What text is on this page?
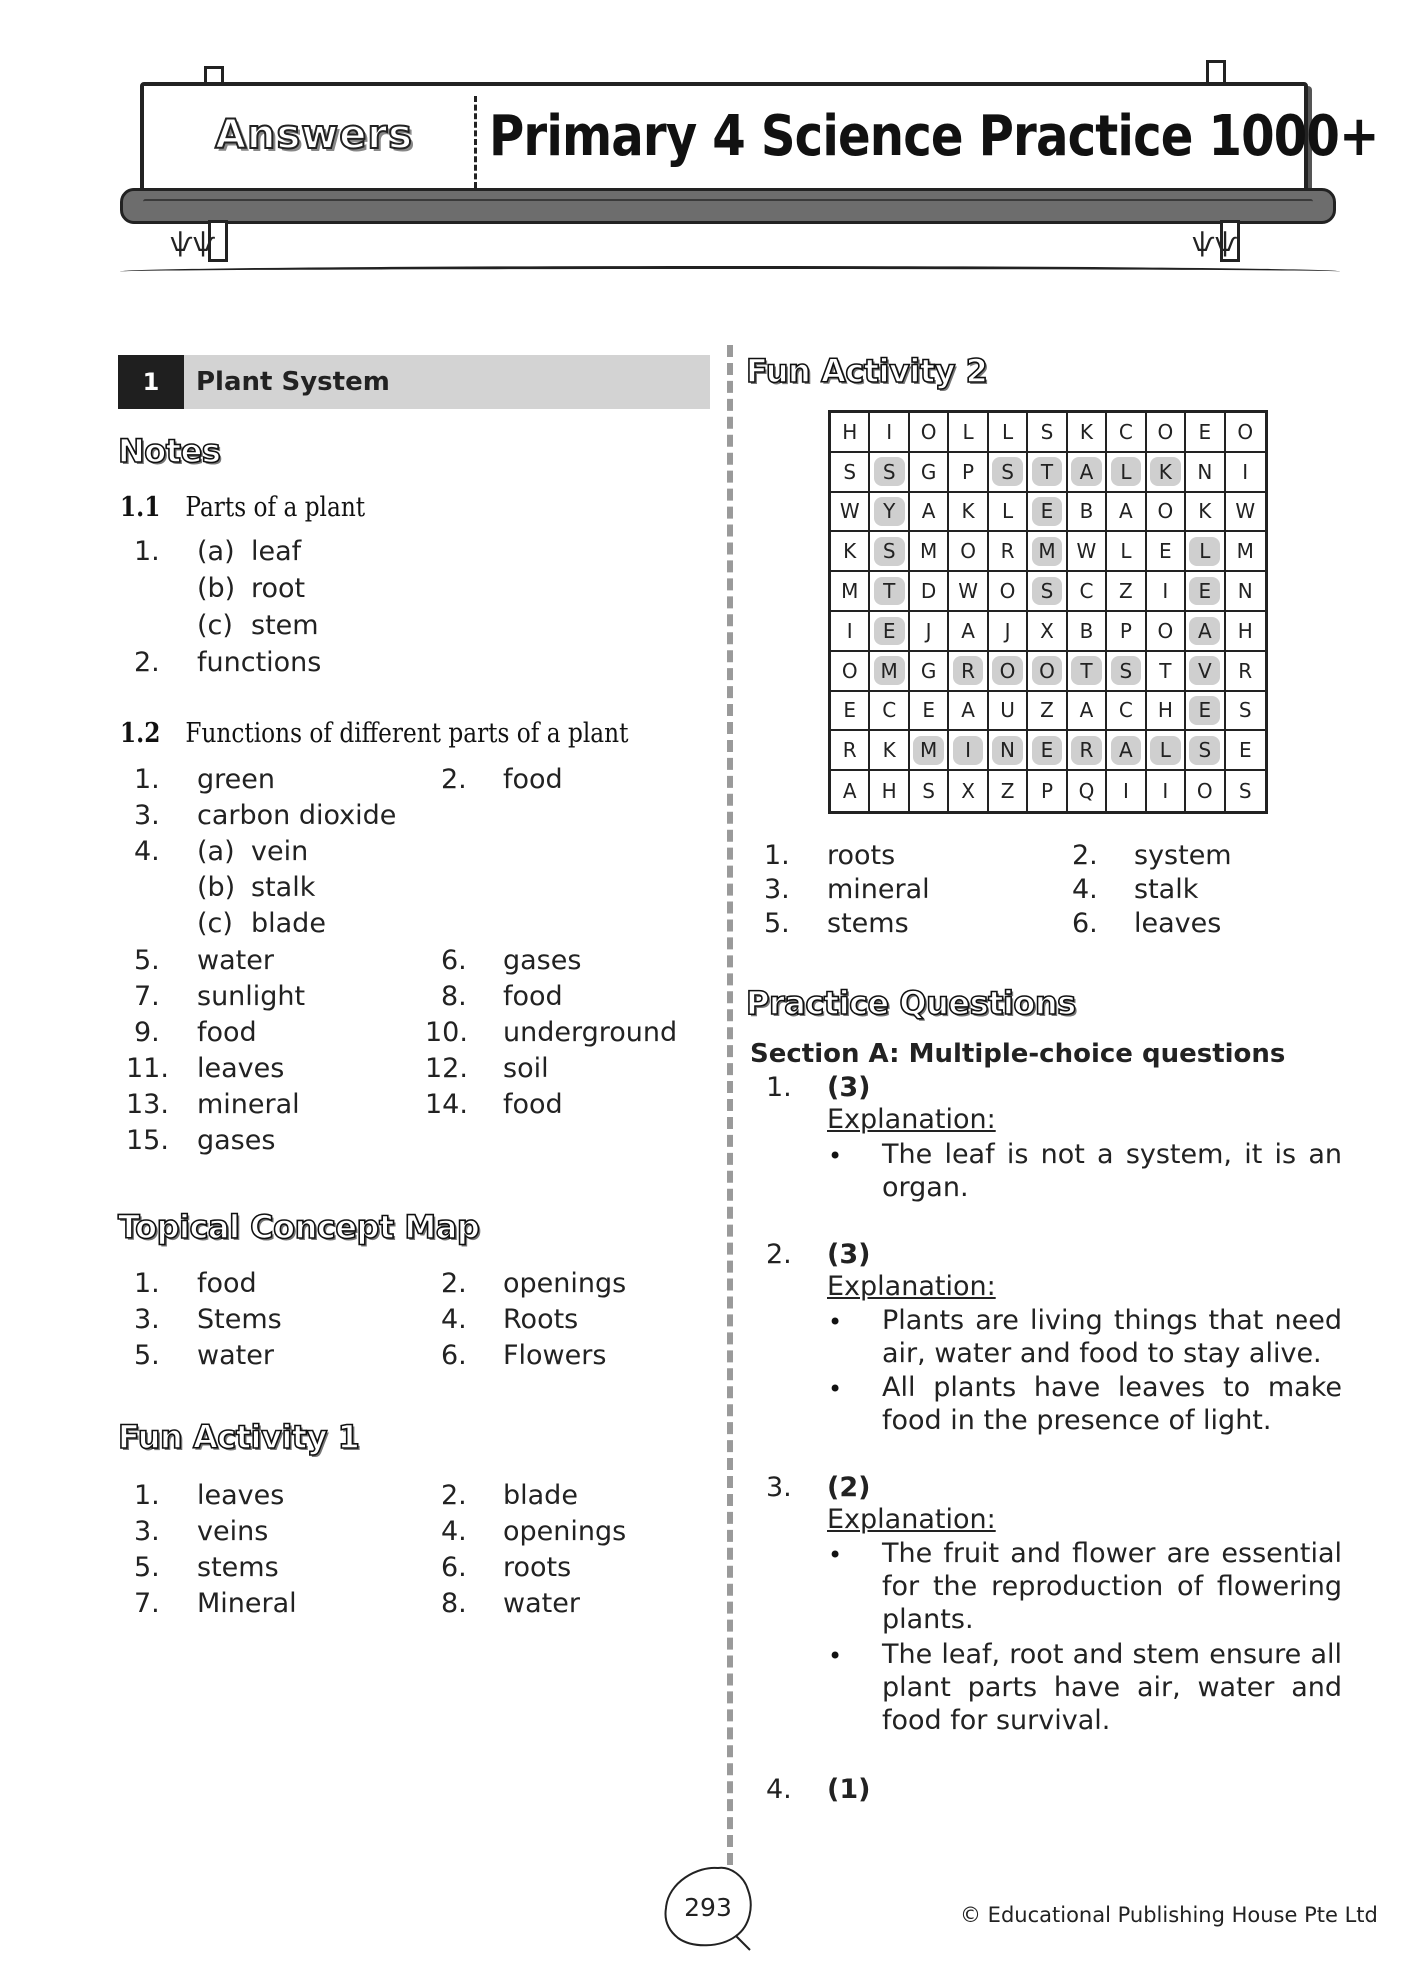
Answers	Primary 4 Science Practice 1000+
ѱѱ	ѱѱ
1	Plant System
Notes
1.1 Parts of a plant
1. (a) leaf
(b) root
(c) stem
2. functions
1.2 Functions of different parts of a plant
1. green	2. food
3. carbon dioxide
4. (a) vein
(b) stalk
(c) blade
5. water	6. gases
7. sunlight	8. food
9. food	10. underground
11. leaves	12. soil
13. mineral	14. food
15. gases
Topical Concept Map
1. food	2. openings
3. Stems	4. Roots
5. water	6. Flowers
Fun Activity 1
1. leaves	2. blade
3. veins	4. openings
5. stems	6. roots
7. Mineral	8. water
Fun Activity 2
H I O L L S K C O E O
S	S	G P	S	T	A	L	K	N I
W	Y	A K L	E	B A O K W
K	S	M O R	M	W L E	L	M
M	T	D W O	S	C Z I	E	N
I	E	J A J X B P O	A	H
O	M	G	R	O	O	T	S	T	V	R
E C E A U Z A C H	E	S
R K	M	I	N	E	R	A	L	S	E
A H S X Z P Q I I O S
1. roots	2. system
3. mineral	4. stalk
5. stems	6. leaves
Practice Questions
Section A: Multiple-choice questions
1. (3)
Explanation:
• The leaf is not a system, it is an organ.
2. (3)
Explanation:
• Plants are living things that need air, water and food to stay alive.
• All plants have leaves to make food in the presence of light.
3. (2)
Explanation:
• The fruit and flower are essential for the reproduction of flowering plants.
• The leaf, root and stem ensure all plant parts have air, water and food for survival.
4. (1)
293	© Educational Publishing House Pte Ltd
